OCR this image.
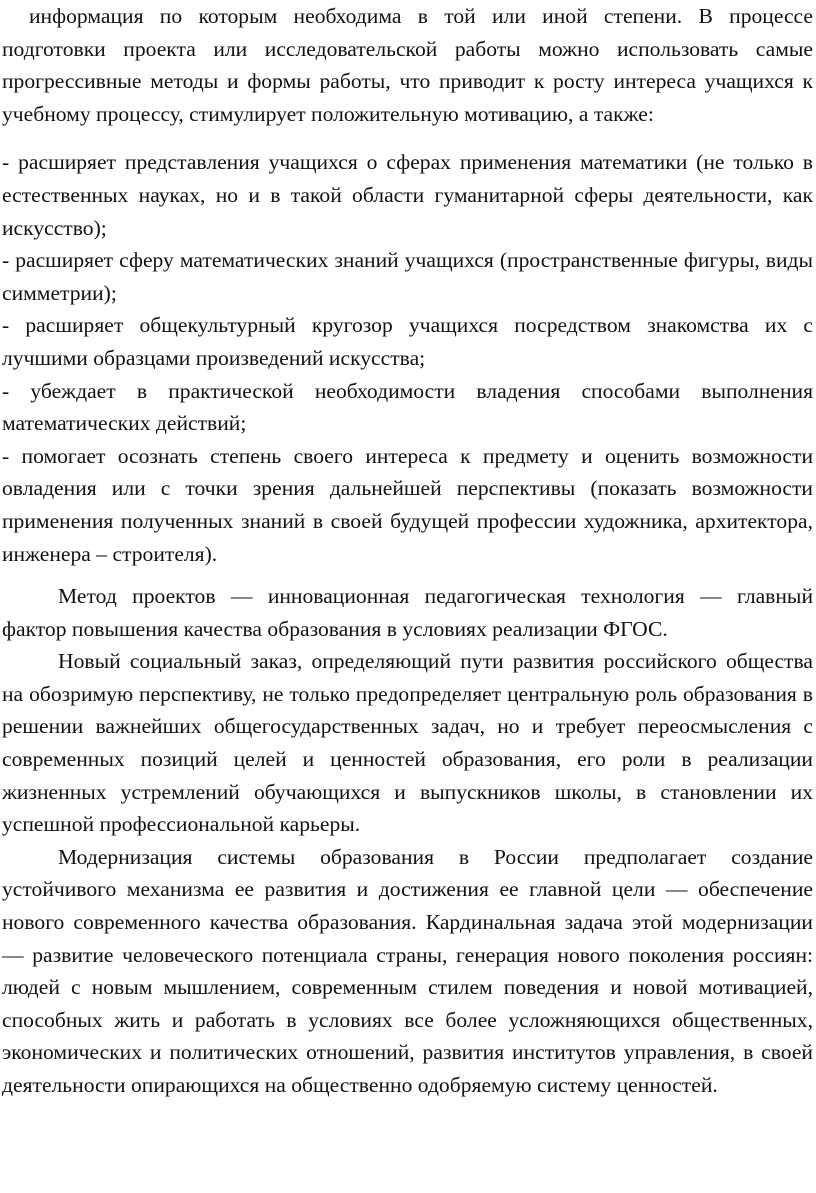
информация по которым необходима в той или иной степени. В процессе подготовки проекта или исследовательской работы можно использовать самые прогрессивные методы и формы работы, что приводит к росту интереса учащихся к учебному процессу, стимулирует положительную мотивацию, а также:

- расширяет представления учащихся о сферах применения математики (не только в естественных науках, но и в такой области гуманитарной сферы деятельности, как искусство);

- расширяет сферу математических знаний учащихся (пространственные фигуры, виды симметрии);

- расширяет общекультурный кругозор учащихся посредством знакомства их с лучшими образцами произведений искусства;

- убеждает в практической необходимости владения способами выполнения математических действий;

- помогает осознать степень своего интереса к предмету и оценить возможности овладения или с точки зрения дальнейшей перспективы (показать возможности применения полученных знаний в своей будущей профессии художника, архитектора, инженера – строителя).

Метод проектов — инновационная педагогическая технология — главный фактор повышения качества образования в условиях реализации ФГОС.

Новый социальный заказ, определяющий пути развития российского общества на обозримую перспективу, не только предопределяет центральную роль образования в решении важнейших общегосударственных задач, но и требует переосмысления с современных позиций целей и ценностей образования, его роли в реализации жизненных устремлений обучающихся и выпускников школы, в становлении их успешной профессиональной карьеры.

Модернизация системы образования в России предполагает создание устойчивого механизма ее развития и достижения ее главной цели — обеспечение нового современного качества образования. Кардинальная задача этой модернизации — развитие человеческого потенциала страны, генерация нового поколения россиян: людей с новым мышлением, современным стилем поведения и новой мотивацией, способных жить и работать в условиях все более усложняющихся общественных, экономических и политических отношений, развития институтов управления, в своей деятельности опирающихся на общественно одобряемую систему ценностей.
